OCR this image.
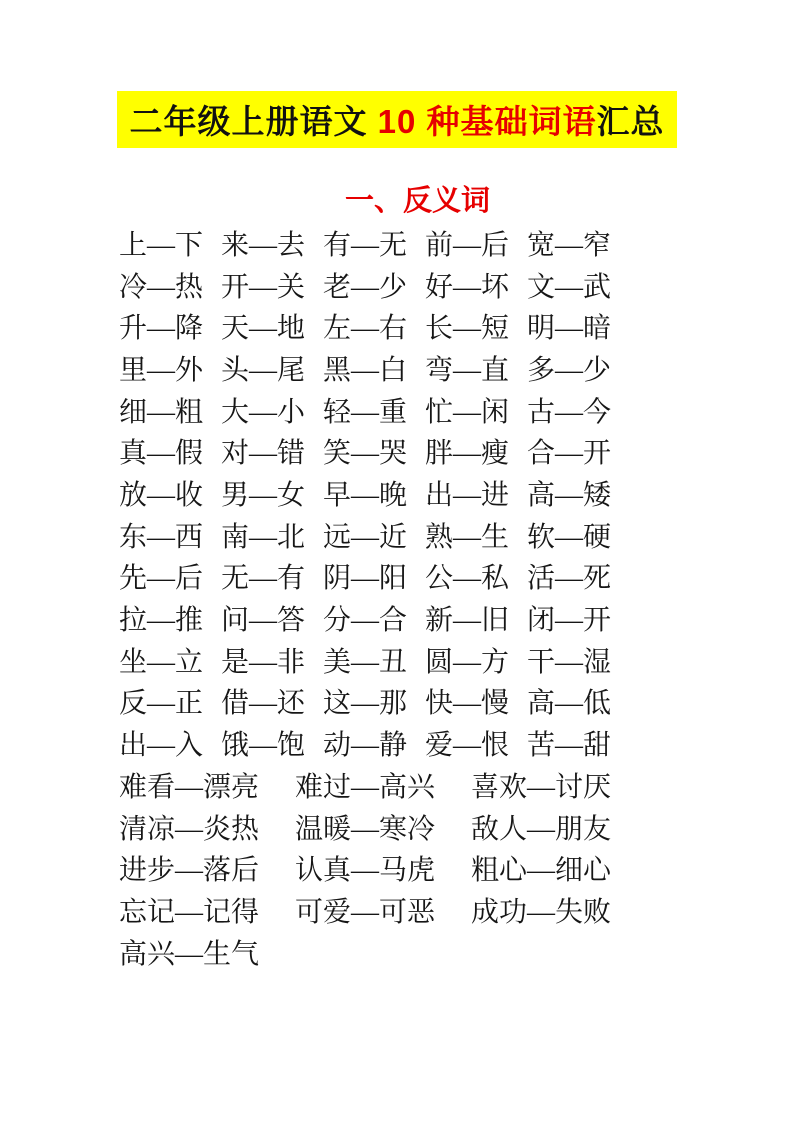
二年级上册语文 10 种基础词语 汇总
一、反义词
上—下 来—去 有—无 前—后 宽—窄
冷—热 开—关 老—少 好—坏 文—武
升—降 天—地 左—右 长—短 明—暗
里—外 头—尾 黑—白 弯—直 多—少
细—粗 大—小 轻—重 忙—闲 古—今
真—假 对—错 笑—哭 胖—瘦 合—开
放—收 男—女 早—晚 出—进 高—矮
东—西 南—北 远—近 熟—生 软—硬
先—后 无—有 阴—阳 公—私 活—死
拉—推 问—答 分—合 新—旧 闭—开
坐—立 是—非 美—丑 圆—方 干—湿
反—正 借—还 这—那 快—慢 高—低
出—入 饿—饱 动—静 爱—恨 苦—甜
难看—漂亮	难过—高兴	喜欢—讨厌
清凉—炎热	温暖—寒冷	敌人—朋友
进步—落后	认真—马虎	粗心—细心
忘记—记得	可爱—可恶	成功—失败
高兴—生气
